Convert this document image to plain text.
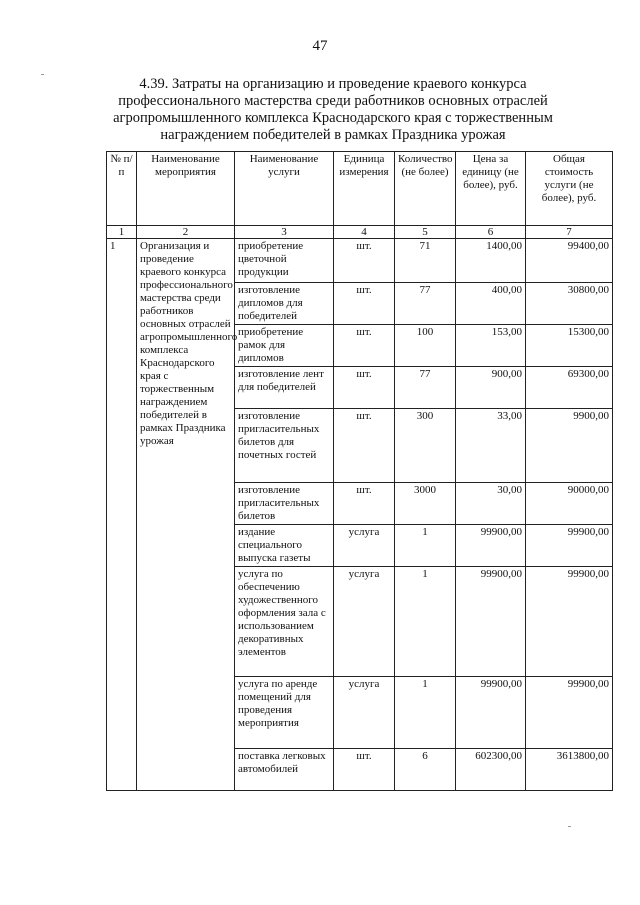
47
4.39. Затраты на организацию и проведение краевого конкурса
профессионального мастерства среди работников основных отраслей
агропромышленного комплекса Краснодарского края с торжественным
награждением победителей в рамках Праздника урожая
№ п/п	Наименование мероприятия	Наименование услуги	Единица измерения	Количество (не более)	Цена за единицу (не более), руб.	Общая стоимость услуги (не более), руб.
1	2	3	4	5	6	7
1	Организация и проведение краевого конкурса профессионального мастерства среди работников основных отраслей агропромышленного комплекса Краснодарского края с торжественным награждением победителей в рамках Праздника урожая	приобретение цветочной продукции	шт.	71	1400,00	99400,00
		изготовление дипломов для победителей	шт.	77	400,00	30800,00
		приобретение рамок для дипломов	шт.	100	153,00	15300,00
		изготовление лент для победителей	шт.	77	900,00	69300,00
		изготовление пригласительных билетов для почетных гостей	шт.	300	33,00	9900,00
		изготовление пригласительных билетов	шт.	3000	30,00	90000,00
		издание специального выпуска газеты	услуга	1	99900,00	99900,00
		услуга по обеспечению художественного оформления зала с использованием декоративных элементов	услуга	1	99900,00	99900,00
		услуга по аренде помещений для проведения мероприятия	услуга	1	99900,00	99900,00
		поставка легковых автомобилей	шт.	6	602300,00	3613800,00
